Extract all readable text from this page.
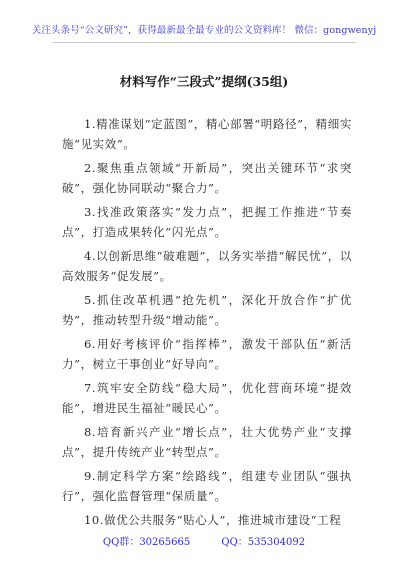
关注头条号“公文研究”，获得最新最全最专业的公文资料库！ 微信：gongwenyj
材料写作“三段式”提纲(35组)
1.精准谋划“定蓝图”，精心部署“明路径”，精细实施“见实效”。
2.聚焦重点领域“开新局”，突出关键环节“求突破”，强化协同联动“聚合力”。
3.找准政策落实“发力点”，把握工作推进“节奏点”，打造成果转化“闪光点”。
4.以创新思维“破难题”，以务实举措“解民忧”，以高效服务“促发展”。
5.抓住改革机遇“抢先机”，深化开放合作“扩优势”，推动转型升级“增动能”。
6.用好考核评价“指挥棒”，激发干部队伍“新活力”，树立干事创业“好导向”。
7.筑牢安全防线“稳大局”，优化营商环境“提效能”，增进民生福祉“暖民心”。
8.培育新兴产业“增长点”，壮大优势产业“支撑点”，提升传统产业“转型点”。
9.制定科学方案“绘路线”，组建专业团队“强执行”，强化监督管理“保质量”。
10.做优公共服务“贴心人”，推进城市建设“工程
QQ群：30265665	QQ：535304092
